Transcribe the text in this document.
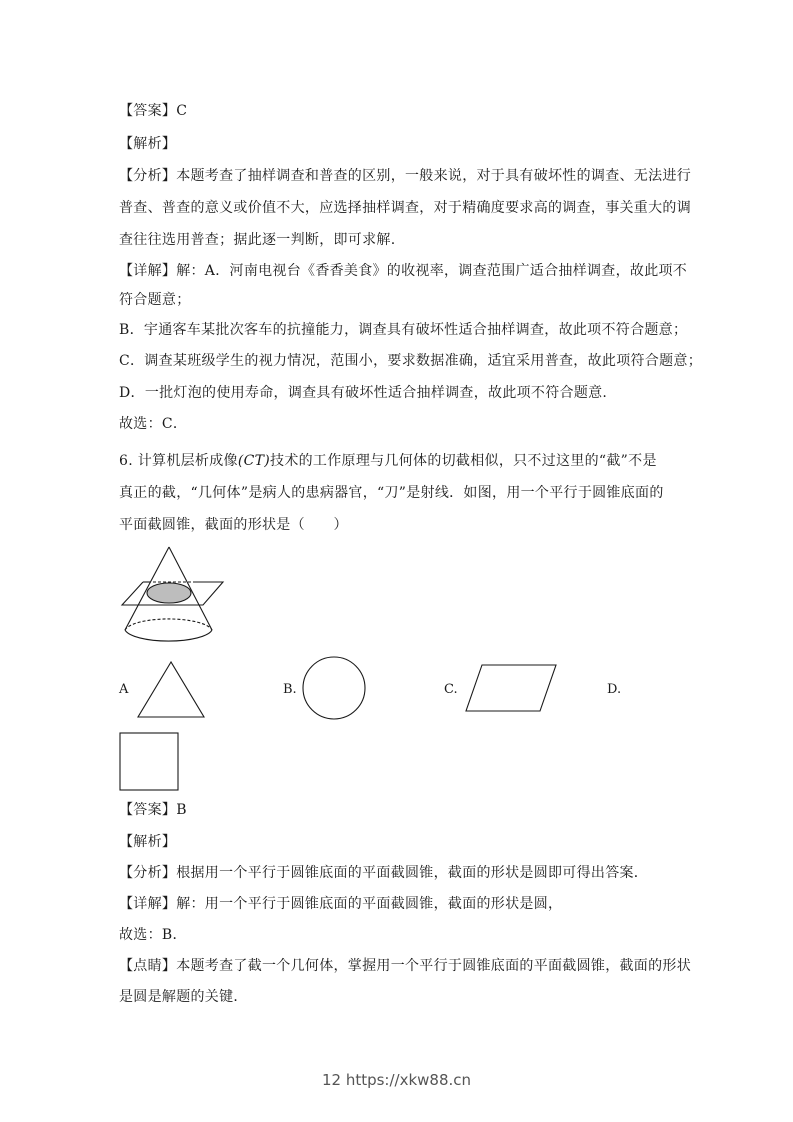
【答案】C
【解析】
【分析】本题考查了抽样调查和普查的区别，一般来说，对于具有破坏性的调查、无法进行
普查、普查的意义或价值不大，应选择抽样调查，对于精确度要求高的调查，事关重大的调
查往往选用普查；据此逐一判断，即可求解.
【详解】解：A．河南电视台《香香美食》的收视率，调查范围广适合抽样调查，故此项不
符合题意；
B．宇通客车某批次客车的抗撞能力，调查具有破坏性适合抽样调查，故此项不符合题意；
C．调查某班级学生的视力情况，范围小，要求数据准确，适宜采用普查，故此项符合题意；
D．一批灯泡的使用寿命，调查具有破坏性适合抽样调查，故此项不符合题意.
故选：C．
6. 计算机层析成像(CT)技术的工作原理与几何体的切截相似，只不过这里的“截”不是
真正的截，“几何体”是病人的患病器官，“刀”是射线．如图，用一个平行于圆锥底面的
平面截圆锥，截面的形状是（　　）
A	B.	C.	D.
【答案】B
【解析】
【分析】根据用一个平行于圆锥底面的平面截圆锥，截面的形状是圆即可得出答案．
【详解】解：用一个平行于圆锥底面的平面截圆锥，截面的形状是圆，
故选：B．
【点睛】本题考查了截一个几何体，掌握用一个平行于圆锥底面的平面截圆锥，截面的形状
是圆是解题的关键．
12 https://xkw88.cn
